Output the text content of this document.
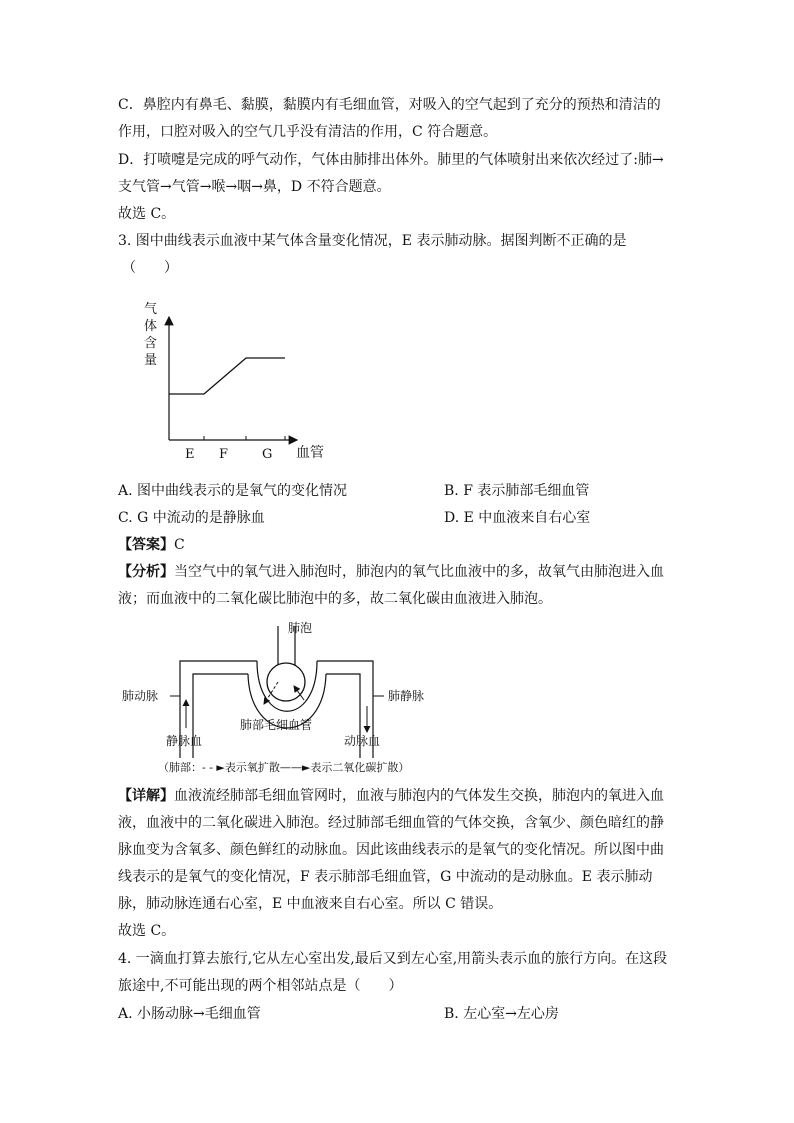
C．鼻腔内有鼻毛、黏膜，黏膜内有毛细血管，对吸入的空气起到了充分的预热和清洁的
作用，口腔对吸入的空气几乎没有清洁的作用，C 符合题意。
D．打喷嚏是完成的呼气动作，气体由肺排出体外。肺里的气体喷射出来依次经过了:肺→
支气管→气管→喉→咽→鼻，D 不符合题意。
故选 C。
3. 图中曲线表示血液中某气体含量变化情况，E 表示肺动脉。据图判断不正确的是
（　　）
气
体
含
量
血管
E F	G
A. 图中曲线表示的是氧气的变化情况	B. F 表示肺部毛细血管
C. G 中流动的是静脉血	D. E 中血液来自右心室
【答案】C
【分析】当空气中的氧气进入肺泡时，肺泡内的氧气比血液中的多，故氧气由肺泡进入血
液；而血液中的二氧化碳比肺泡中的多，故二氧化碳由血液进入肺泡。
肺泡
肺动脉	肺静脉
肺部毛细血管
静脉血	动脉血
（肺部：- - ►表示氧扩散——►表示二氧化碳扩散）
【详解】血液流经肺部毛细血管网时，血液与肺泡内的气体发生交换，肺泡内的氧进入血
液，血液中的二氧化碳进入肺泡。经过肺部毛细血管的气体交换，含氧少、颜色暗红的静
脉血变为含氧多、颜色鲜红的动脉血。因此该曲线表示的是氧气的变化情况。所以图中曲
线表示的是氧气的变化情况，F 表示肺部毛细血管，G 中流动的是动脉血。E 表示肺动
脉，肺动脉连通右心室，E 中血液来自右心室。所以 C 错误。
故选 C。
4. 一滴血打算去旅行,它从左心室出发,最后又到左心室,用箭头表示血的旅行方向。在这段
旅途中,不可能出现的两个相邻站点是（　　）
A. 小肠动脉→毛细血管	B. 左心室→左心房
